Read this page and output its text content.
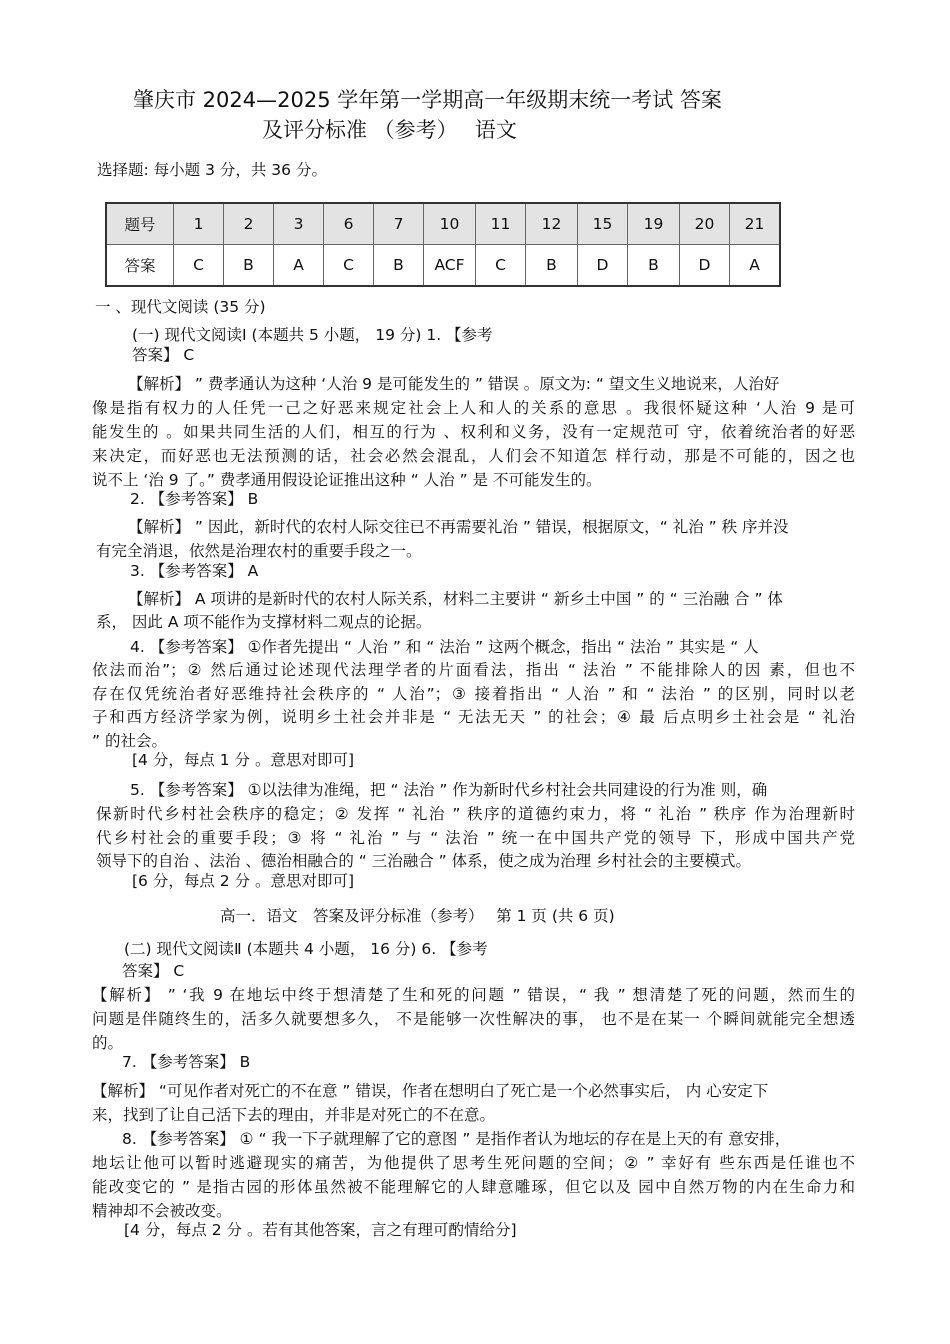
肇庆市 2024—2025 学年第一学期高一年级期末统一考试 答案
及评分标准 （参考）　 语文
选择题: 每小题 3 分，共 36 分。
题号	1	2	3	6	7	10	11	12	15	19	20	21
答案	C	B	A	C	B	ACF	C	B	D	B	D	A
一 、现代文阅读 (35 分)
(一) 现代文阅读Ⅰ (本题共 5 小题， 19 分) 1. 【参考
答案】 C
【解析】 ” 费孝通认为这种 ‘人治 9 是可能发生的 ” 错误 。原文为: “ 望文生义地说来，人治好
像是指有权力的人任凭一己之好恶来规定社会上人和人的关系的意思 。我很怀疑这种 ‘人治 9 是可
能发生的 。如果共同生活的人们，相互的行为 、权利和义务，没有一定规范可 守，依着统治者的好恶
来决定，而好恶也无法预测的话，社会必然会混乱，人们会不知道怎 样行动，那是不可能的，因之也
说不上 ‘治 9 了。” 费孝通用假设论证推出这种 “ 人治 ” 是 不可能发生的。
2. 【参考答案】 B
【解析】 ” 因此，新时代的农村人际交往已不再需要礼治 ” 错误，根据原文，“ 礼治 ” 秩 序并没
有完全消退，依然是治理农村的重要手段之一。
3. 【参考答案】 A
【解析】 A 项讲的是新时代的农村人际关系，材料二主要讲 “ 新乡土中国 ” 的 “ 三治融 合 ” 体
系， 因此 A 项不能作为支撑材料二观点的论据。
4. 【参考答案】 ①作者先提出 “ 人治 ” 和 “ 法治 ” 这两个概念，指出 “ 法治 ” 其实是 “ 人
依法而治”；② 然后通过论述现代法理学者的片面看法，指出 “ 法治 ” 不能排除人的因 素，但也不
存在仅凭统治者好恶维持社会秩序的 “ 人治”；③ 接着指出 “ 人治 ” 和 “ 法治 ” 的区别，同时以老
子和西方经济学家为例，说明乡土社会并非是 “ 无法无天 ” 的社会；④ 最 后点明乡土社会是 “ 礼治
” 的社会。
[4 分，每点 1 分 。意思对即可]
5. 【参考答案】 ①以法律为准绳，把 “ 法治 ” 作为新时代乡村社会共同建设的行为准 则，确
保新时代乡村社会秩序的稳定；② 发挥 “ 礼治 ” 秩序的道德约束力，将 “ 礼治 ” 秩序 作为治理新时
代乡村社会的重要手段；③ 将 “ 礼治 ” 与 “ 法治 ” 统一在中国共产党的领导 下，形成中国共产党
领导下的自治 、法治 、德治相融合的 “ 三治融合 ” 体系，使之成为治理 乡村社会的主要模式。
[6 分，每点 2 分 。意思对即可]
高一．语文　答案及评分标准（参考）　 第 1 页 (共 6 页)
(二) 现代文阅读Ⅱ (本题共 4 小题， 16 分) 6. 【参考
答案】 C
【解析】 ” ‘我 9 在地坛中终于想清楚了生和死的问题 ” 错误，“ 我 ” 想清楚了死的问题，然而生的
问题是伴随终生的，活多久就要想多久， 不是能够一次性解决的事， 也不是在某一 个瞬间就能完全想透
的。
7. 【参考答案】 B
【解析】 “可见作者对死亡的不在意 ” 错误，作者在想明白了死亡是一个必然事实后， 内 心安定下
来，找到了让自己活下去的理由，并非是对死亡的不在意。
8. 【参考答案】 ① “ 我一下子就理解了它的意图 ” 是指作者认为地坛的存在是上天的有 意安排，
地坛让他可以暂时逃避现实的痛苦，为他提供了思考生死问题的空间；② ” 幸好有 些东西是任谁也不
能改变它的 ” 是指古园的形体虽然被不能理解它的人肆意雕琢，但它以及 园中自然万物的内在生命力和
精神却不会被改变。
[4 分，每点 2 分 。若有其他答案，言之有理可酌情给分]
